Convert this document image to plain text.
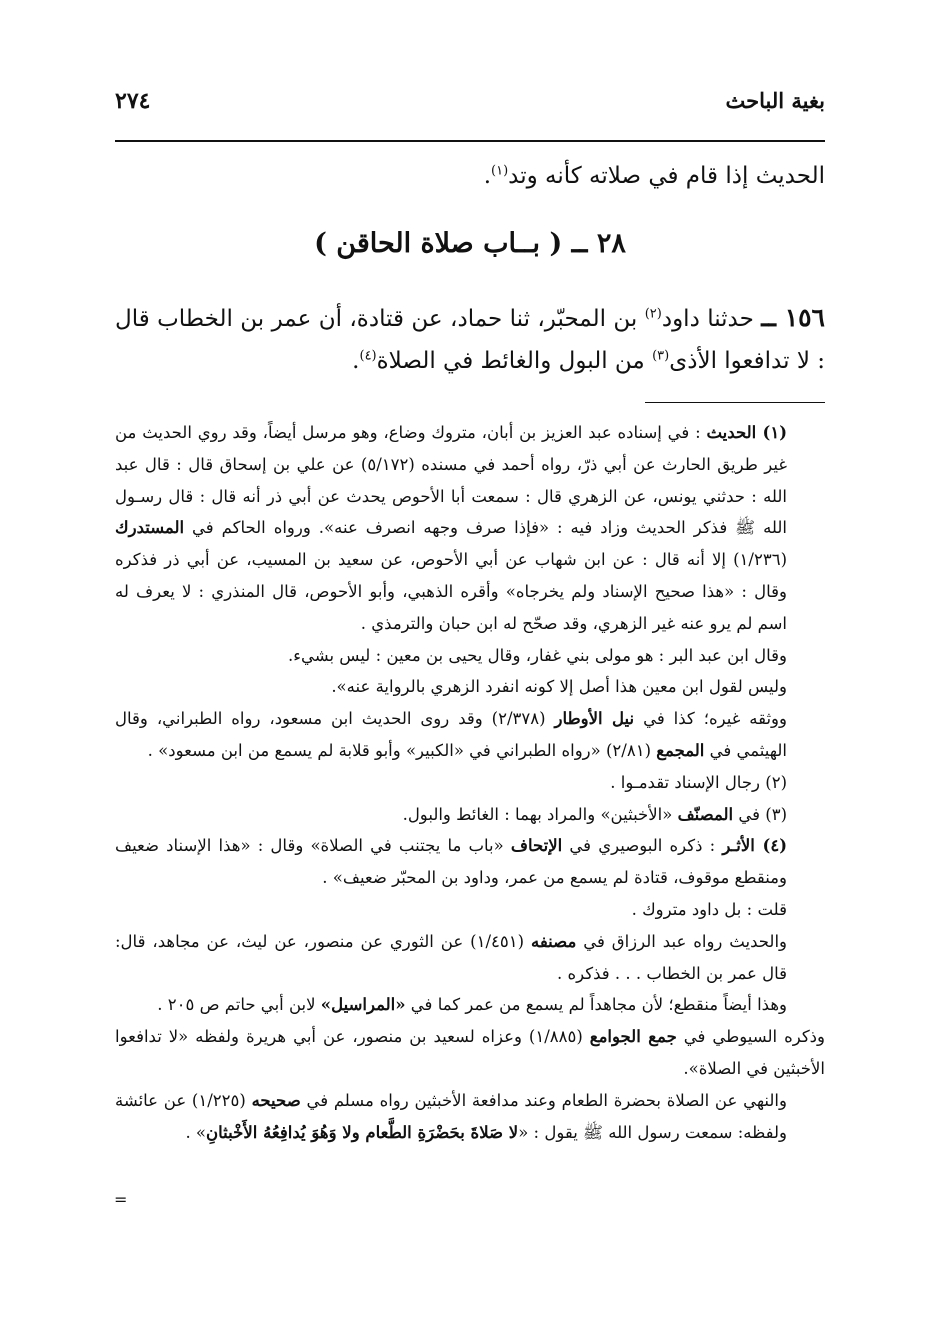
بغية الباحث
٢٧٤
الحديث إذا قام في صلاته كأنه وتد$^{(١)}$.
٢٨ ــ ( بــاب صلاة الحاقن )
١٥٦ ــ حدثنا داود$^{(٢)}$ بن المحبّر، ثنا حماد، عن قتادة، أن عمر بن الخطاب قال : لا تدافعوا الأذى$^{(٣)}$ من البول والغائط في الصلاة$^{(٤)}$.

(١) الحديث : في إسناده عبد العزيز بن أبان، متروك وضاع، وهو مرسل أيضاً، وقد روي الحديث من غير طريق الحارث عن أبي ذرّ، رواه أحمد في مسنده (٥/١٧٢) عن علي بن إسحاق قال : قال عبد الله : حدثني يونس، عن الزهري قال : سمعت أبا الأحوص يحدث عن أبي ذر أنه قال : قال رسـول الله ﷺ فذكر الحديث وزاد فيه : «فإذا صرف وجهه انصرف عنه». ورواه الحاكم في المستدرك (١/٢٣٦) إلا أنه قال : عن ابن شهاب عن أبي الأحوص، عن سعيد بن المسيب، عن أبي ذر فذكره وقال : «هذا صحيح الإسناد ولم يخرجاه» وأقره الذهبي، وأبو الأحوص، قال المنذري : لا يعرف له اسم لم يرو عنه غير الزهري، وقد صحّح له ابن حبان والترمذي .

وقال ابن عبد البر : هو مولى بني غفار، وقال يحيى بن معين : ليس بشيء.

وليس لقول ابن معين هذا أصل إلا كونه انفرد الزهري بالرواية عنه».

ووثقه غيره؛ كذا في نيل الأوطار (٢/٣٧٨) وقد روى الحديث ابن مسعود، رواه الطبراني، وقال الهيثمي في المجمع (٢/٨١) «رواه الطبراني في «الكبير» وأبو قلابة لم يسمع من ابن مسعود» .

(٢) رجال الإسناد تقدمـوا .

(٣) في المصنّف «الأخبثين» والمراد بهما : الغائط والبول.

(٤) الأثـر : ذكره البوصيري في الإتحاف «باب ما يجتنب في الصلاة» وقال : «هذا الإسناد ضعيف ومنقطع موقوف، قتادة لم يسمع من عمر، وداود بن المحبّر ضعيف» .

قلت : بل داود متروك .

والحديث رواه عبد الرزاق في مصنفه (١/٤٥١) عن الثوري عن منصور، عن ليث، عن مجاهد، قال: قال عمر بن الخطاب . . . فذكره .

وهذا أيضاً منقطع؛ لأن مجاهداً لم يسمع من عمر كما في «المراسيل» لابن أبي حاتم ص ٢٠٥ .

وذكره السيوطي في جمع الجوامع (١/٨٨٥) وعزاه لسعيد بن منصور، عن أبي هريرة ولفظه «لا تدافعوا الأخبثين في الصلاة».

والنهي عن الصلاة بحضرة الطعام وعند مدافعة الأخبثين رواه مسلم في صحيحه (١/٢٢٥) عن عائشة ولفظه: سمعت رسول الله ﷺ يقول : «لا صَلاةَ بحَضْرَةِ الطَّعام ولا وَهُوَ يُدافِعُهُ الأَخْبثانِ» .

=
